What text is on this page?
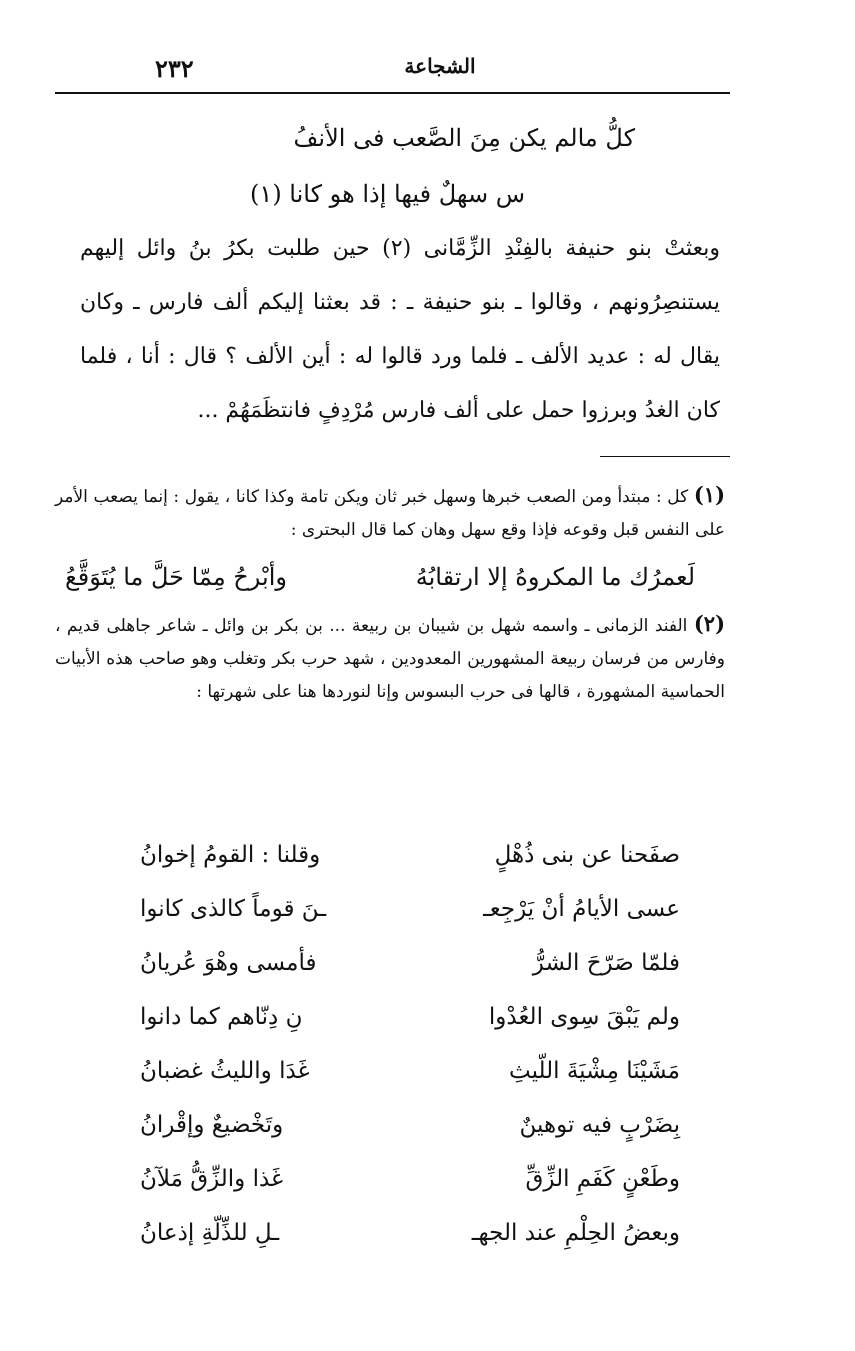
٢٣٢	الشجاعة
كلُّ مالم يكن مِنَ الصَّعب فى الأنفُ
س سهلٌ فيها إذا هو كانا (١)

وبعثتْ بنو حنيفة بالفِنْدِ الزِّمَّانى (٢) حين طلبت بكرُ بنُ وائل إليهم يستنصِرُونهم ، وقالوا ـ بنو حنيفة ـ : قد بعثنا إليكم ألف فارس ـ وكان يقال له : عديد الألف ـ فلما ورد قالوا له : أين الألف ؟ قال : أنا ، فلما كان الغدُ وبرزوا حمل على ألف فارس مُرْدِفٍ فانتظَمَهُمْ ...

(١) كل : مبتدأ ومن الصعب خبرها وسهل خبر ثان ويكن تامة وكذا كانا ، يقول : إنما يصعب الأمر على النفس قبل وقوعه فإذا وقع سهل وهان كما قال البحترى :

لَعمرُك ما المكروهُ إلا ارتقابُهُ
وأبْرحُ مِمّا حَلَّ ما يُتَوَقَّعُ

(٢) الفند الزمانى ـ واسمه شهل بن شيبان بن ربيعة ... بن بكر بن وائل ـ شاعر جاهلى قديم ، وفارس من فرسان ربيعة المشهورين المعدودين ، شهد حرب بكر وتغلب وهو صاحب هذه الأبيات الحماسية المشهورة ، قالها فى حرب البسوس وإنا لنوردها هنا على شهرتها :

صفَحنا عن بنى ذُهْلٍ
وقلنا : القومُ إخوانُ
عسى الأيامُ أنْ يَرْجِعـ
ـنَ قوماً كالذى كانوا
فلمّا صَرّحَ الشرُّ
فأمسى وهْوَ عُريانُ
ولم يَبْقَ سِوى العُدْوا
نِ دِنّاهم كما دانوا
مَشَيْنَا مِشْيَةَ اللّيثِ
غَدَا والليثُ غضبانُ
بِضَرْبٍ فيه توهينٌ
وتَخْضيعٌ وإقْرانُ
وطَعْنٍ كَفَمِ الزِّقِّ
غَذا والزِّقُّ مَلآنُ
وبعضُ الحِلْمِ عند الجهـ
ـلِ للذِّلّةِ إذعانُ
